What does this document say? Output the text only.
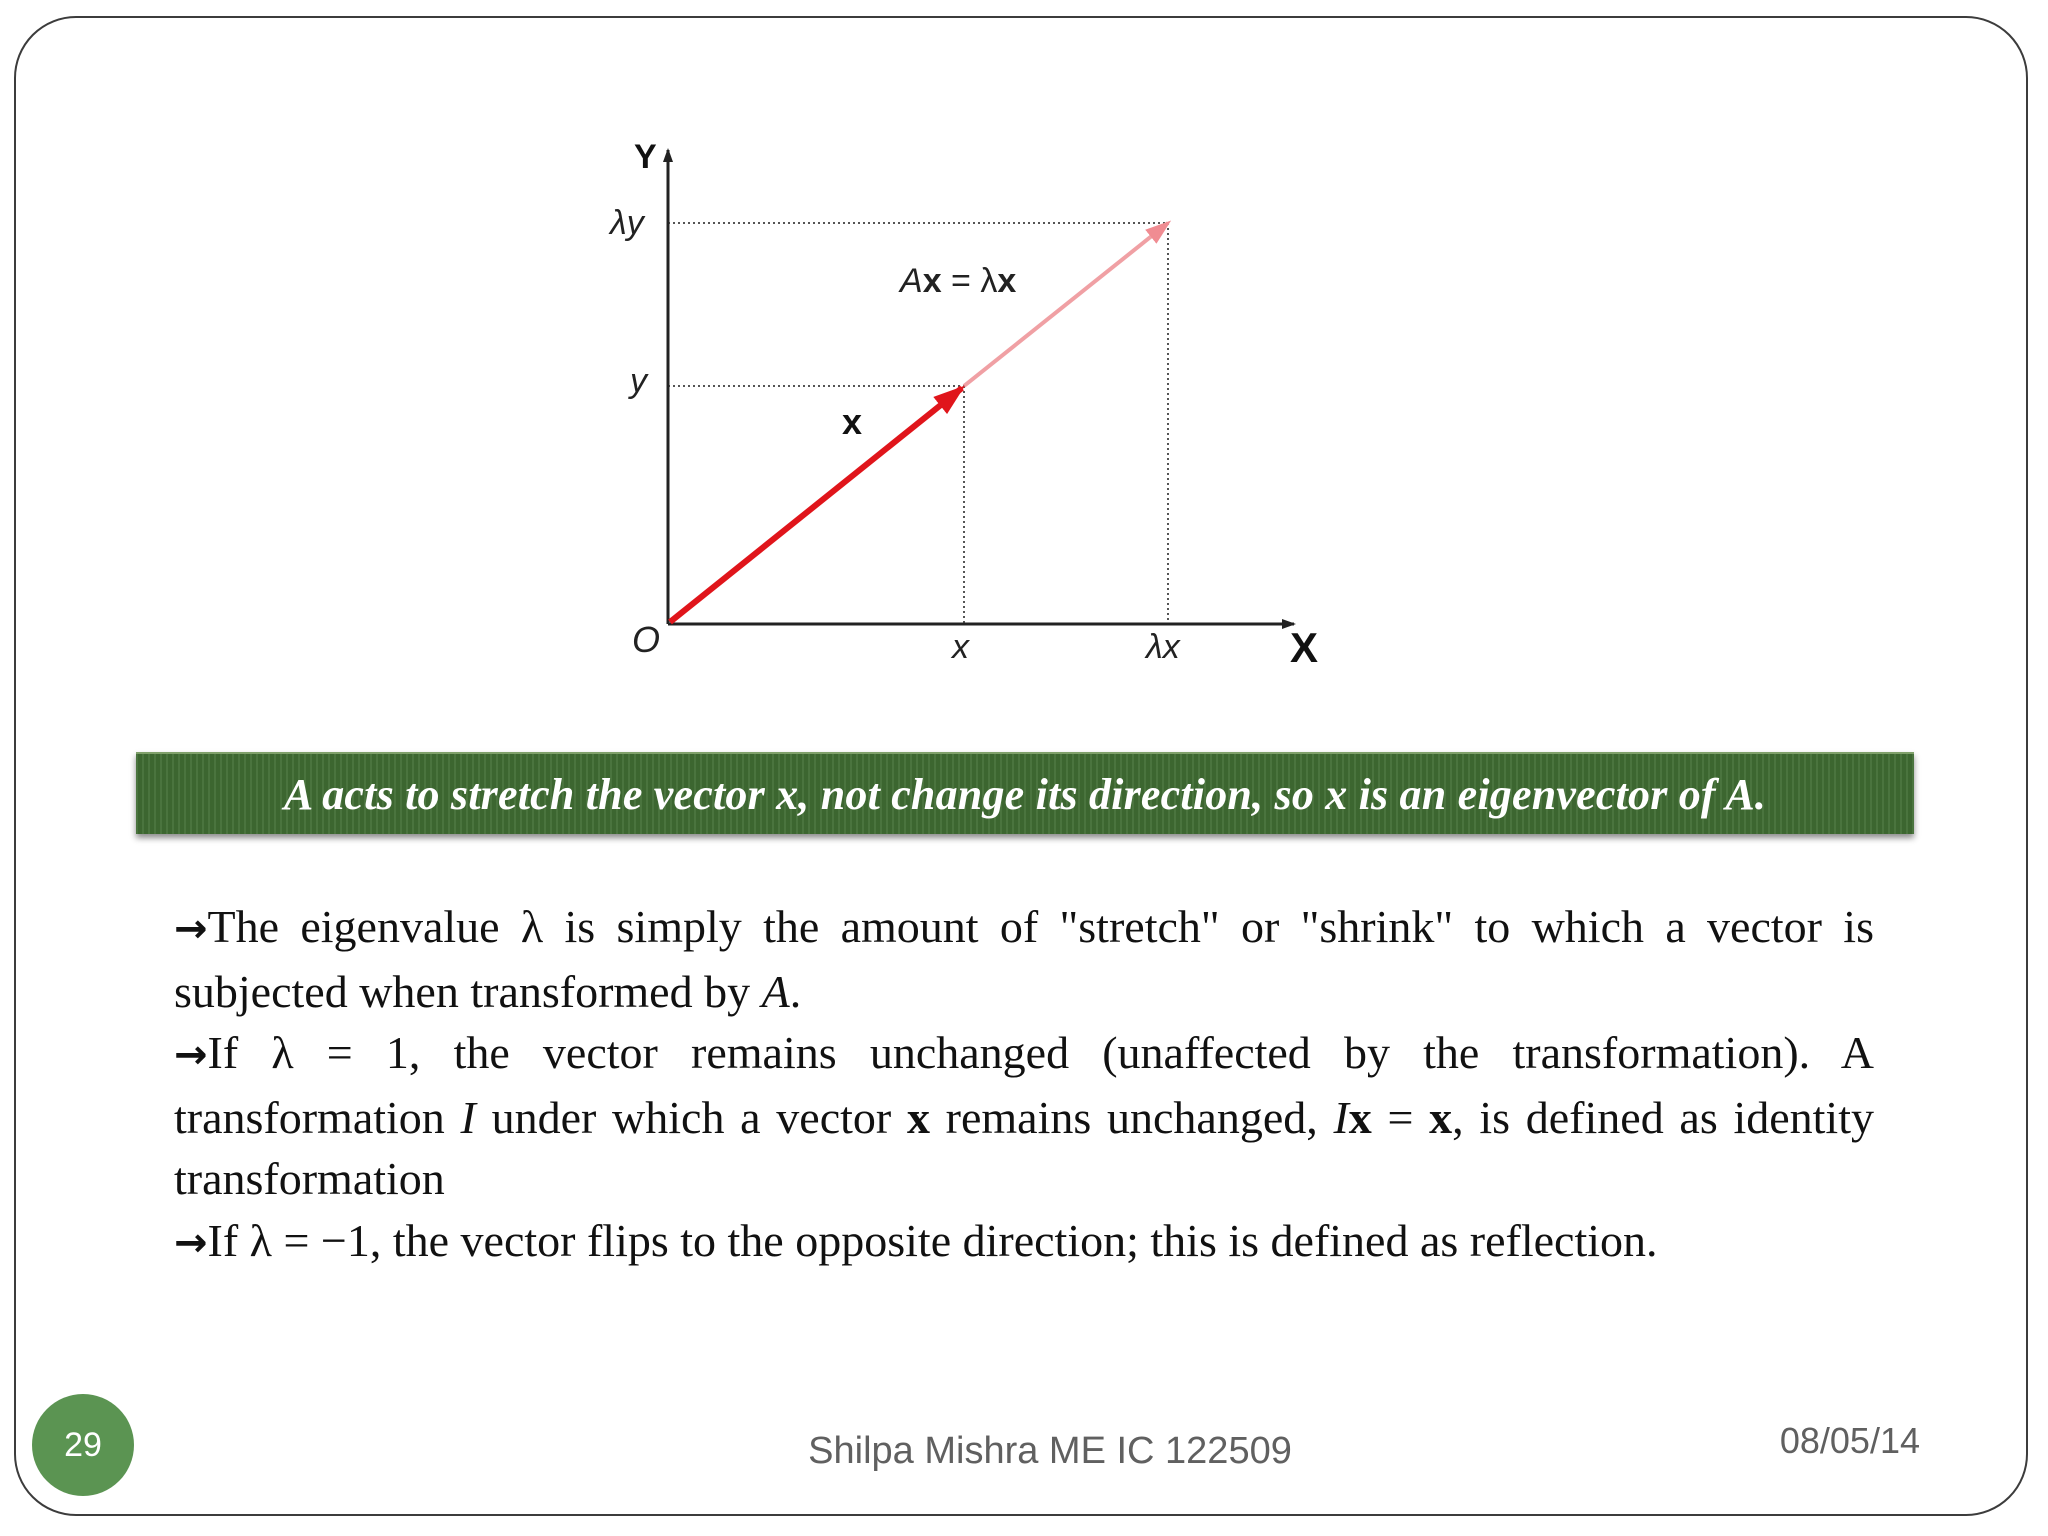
Y
λy
y
Ax = λx
x
O	x	λx	X
A acts to stretch the vector x, not change its direction, so x is an eigenvector of A.

→The eigenvalue λ is simply the amount of "stretch" or "shrink" to which a vector is subjected when transformed by A.

→If λ = 1, the vector remains unchanged (unaffected by the transformation). A transformation I under which a vector x remains unchanged, Ix = x, is defined as identity transformation

→If λ = −1, the vector flips to the opposite direction; this is defined as reflection.

29	Shilpa Mishra ME IC 122509	08/05/14
